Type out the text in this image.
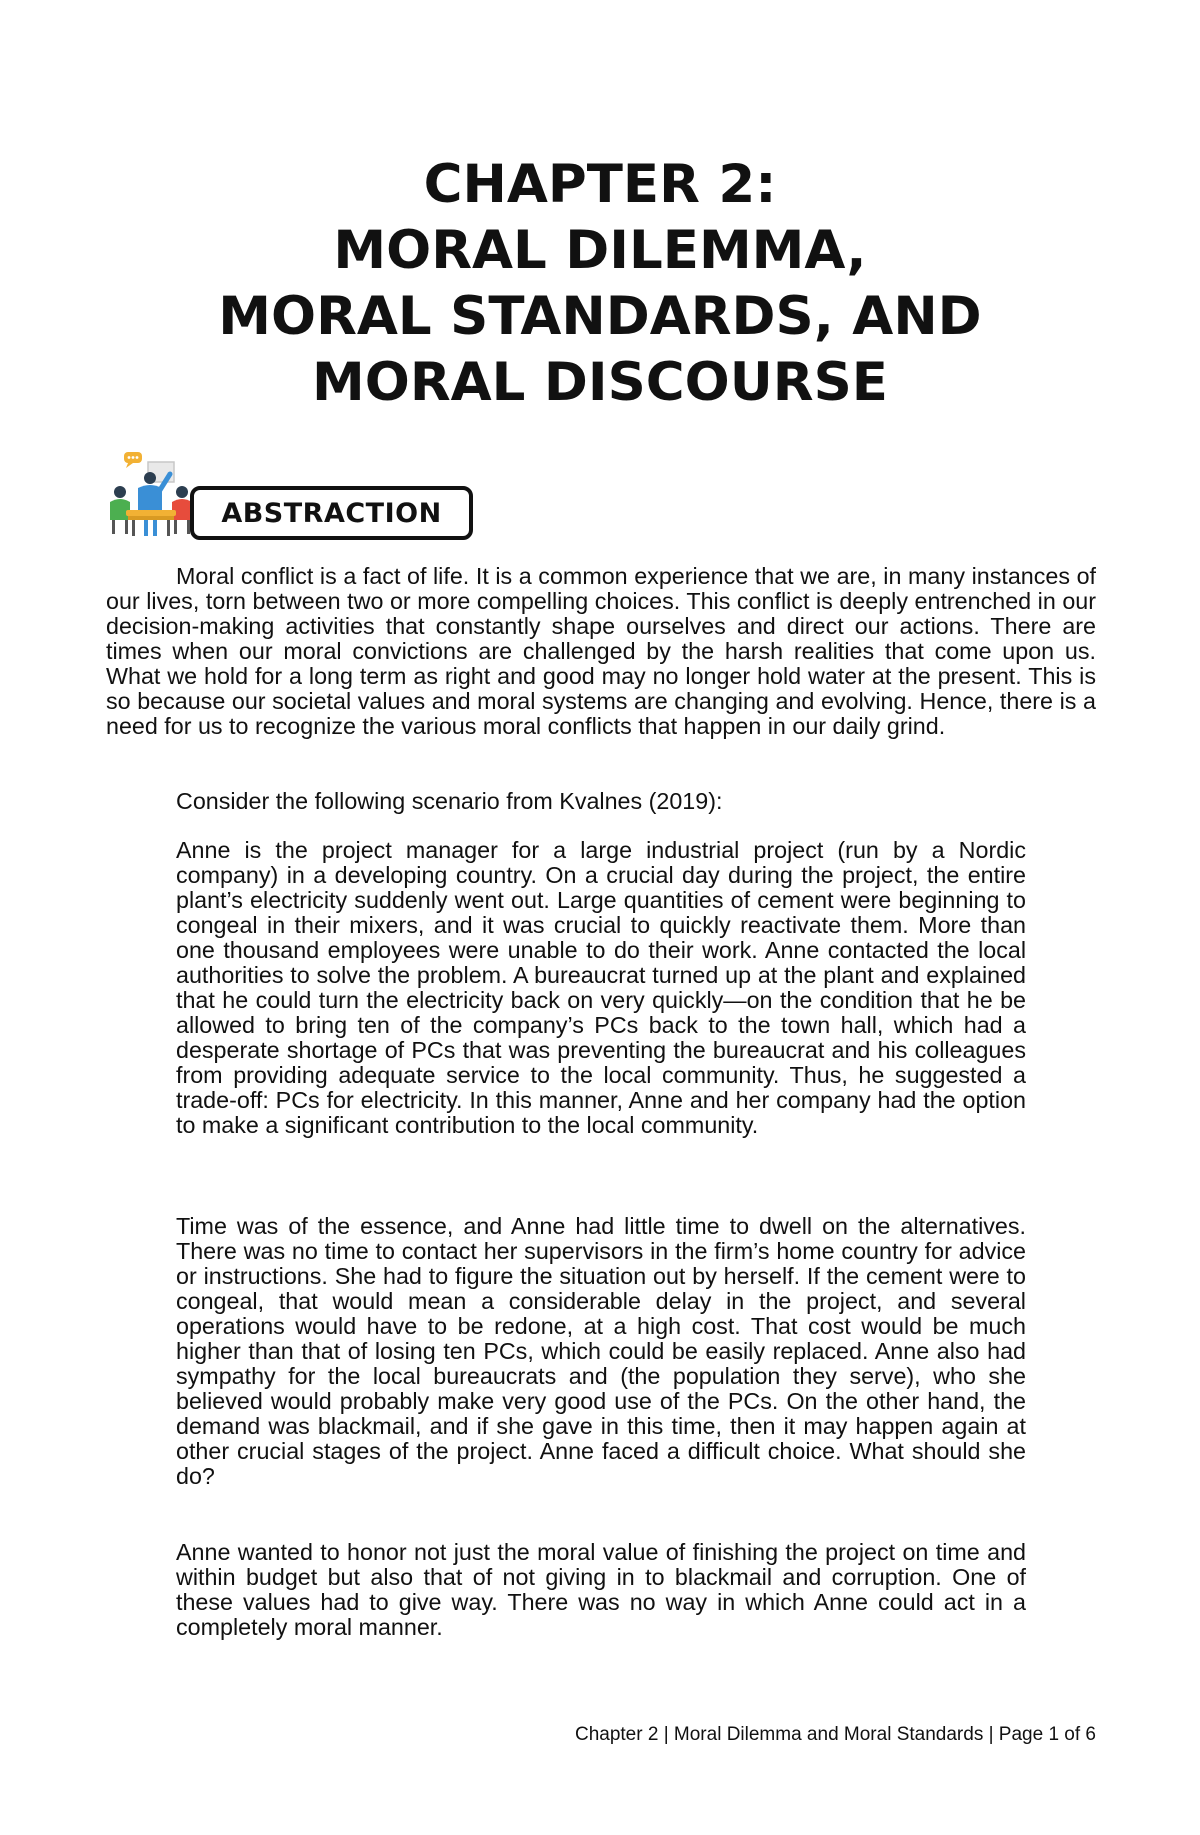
CHAPTER 2:
MORAL DILEMMA,
MORAL STANDARDS, AND
MORAL DISCOURSE
ABSTRACTION

Moral conflict is a fact of life. It is a common experience that we are, in many instances of our lives, torn between two or more compelling choices. This conflict is deeply entrenched in our decision-making activities that constantly shape ourselves and direct our actions. There are times when our moral convictions are challenged by the harsh realities that come upon us. What we hold for a long term as right and good may no longer hold water at the present. This is so because our societal values and moral systems are changing and evolving. Hence, there is a need for us to recognize the various moral conflicts that happen in our daily grind.

Consider the following scenario from Kvalnes (2019):

Anne is the project manager for a large industrial project (run by a Nordic company) in a developing country. On a crucial day during the project, the entire plant’s electricity suddenly went out. Large quantities of cement were beginning to congeal in their mixers, and it was crucial to quickly reactivate them. More than one thousand employees were unable to do their work. Anne contacted the local authorities to solve the problem. A bureaucrat turned up at the plant and explained that he could turn the electricity back on very quickly—on the condition that he be allowed to bring ten of the company’s PCs back to the town hall, which had a desperate shortage of PCs that was preventing the bureaucrat and his colleagues from providing adequate service to the local community. Thus, he suggested a trade-off: PCs for electricity. In this manner, Anne and her company had the option to make a significant contribution to the local community.

Time was of the essence, and Anne had little time to dwell on the alternatives. There was no time to contact her supervisors in the firm’s home country for advice or instructions. She had to figure the situation out by herself. If the cement were to congeal, that would mean a considerable delay in the project, and several operations would have to be redone, at a high cost. That cost would be much higher than that of losing ten PCs, which could be easily replaced. Anne also had sympathy for the local bureaucrats and (the population they serve), who she believed would probably make very good use of the PCs. On the other hand, the demand was blackmail, and if she gave in this time, then it may happen again at other crucial stages of the project. Anne faced a difficult choice. What should she do?

Anne wanted to honor not just the moral value of finishing the project on time and within budget but also that of not giving in to blackmail and corruption. One of these values had to give way. There was no way in which Anne could act in a completely moral manner.

Chapter 2 | Moral Dilemma and Moral Standards | Page 1 of 6
